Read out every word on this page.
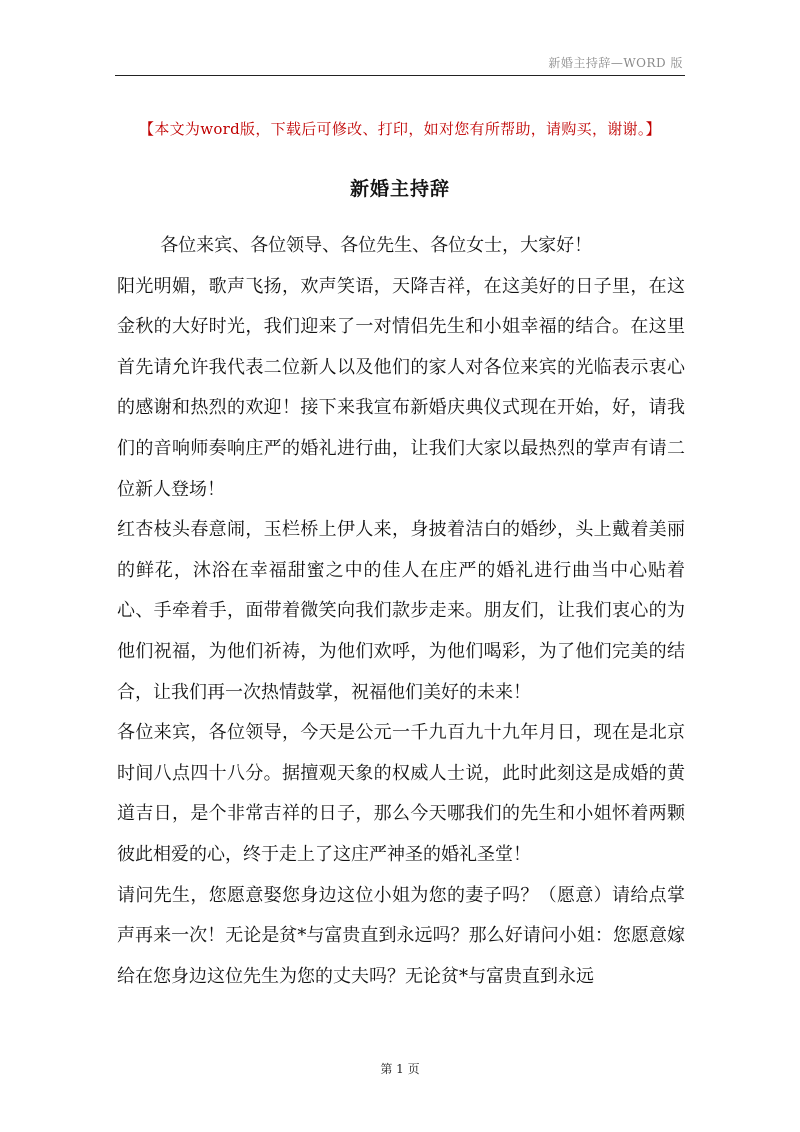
新婚主持辞—WORD 版
【本文为word版，下载后可修改、打印，如对您有所帮助，请购买，谢谢。】
新婚主持辞

各位来宾、各位领导、各位先生、各位女士，大家好！

阳光明媚，歌声飞扬，欢声笑语，天降吉祥，在这美好的日子里，在这金秋的大好时光，我们迎来了一对情侣先生和小姐幸福的结合。在这里首先请允许我代表二位新人以及他们的家人对各位来宾的光临表示衷心的感谢和热烈的欢迎！接下来我宣布新婚庆典仪式现在开始，好，请我们的音响师奏响庄严的婚礼进行曲，让我们大家以最热烈的掌声有请二位新人登场！

红杏枝头春意闹，玉栏桥上伊人来，身披着洁白的婚纱，头上戴着美丽的鲜花，沐浴在幸福甜蜜之中的佳人在庄严的婚礼进行曲当中心贴着心、手牵着手，面带着微笑向我们款步走来。朋友们，让我们衷心的为他们祝福，为他们祈祷，为他们欢呼，为他们喝彩，为了他们完美的结合，让我们再一次热情鼓掌，祝福他们美好的未来！

各位来宾，各位领导，今天是公元一千九百九十九年月日，现在是北京时间八点四十八分。据擅观天象的权威人士说，此时此刻这是成婚的黄道吉日，是个非常吉祥的日子，那么今天哪我们的先生和小姐怀着两颗彼此相爱的心，终于走上了这庄严神圣的婚礼圣堂！

请问先生，您愿意娶您身边这位小姐为您的妻子吗？（愿意）请给点掌声再来一次！无论是贫*与富贵直到永远吗？那么好请问小姐：您愿意嫁给在您身边这位先生为您的丈夫吗？无论贫*与富贵直到永远

第 1 页
